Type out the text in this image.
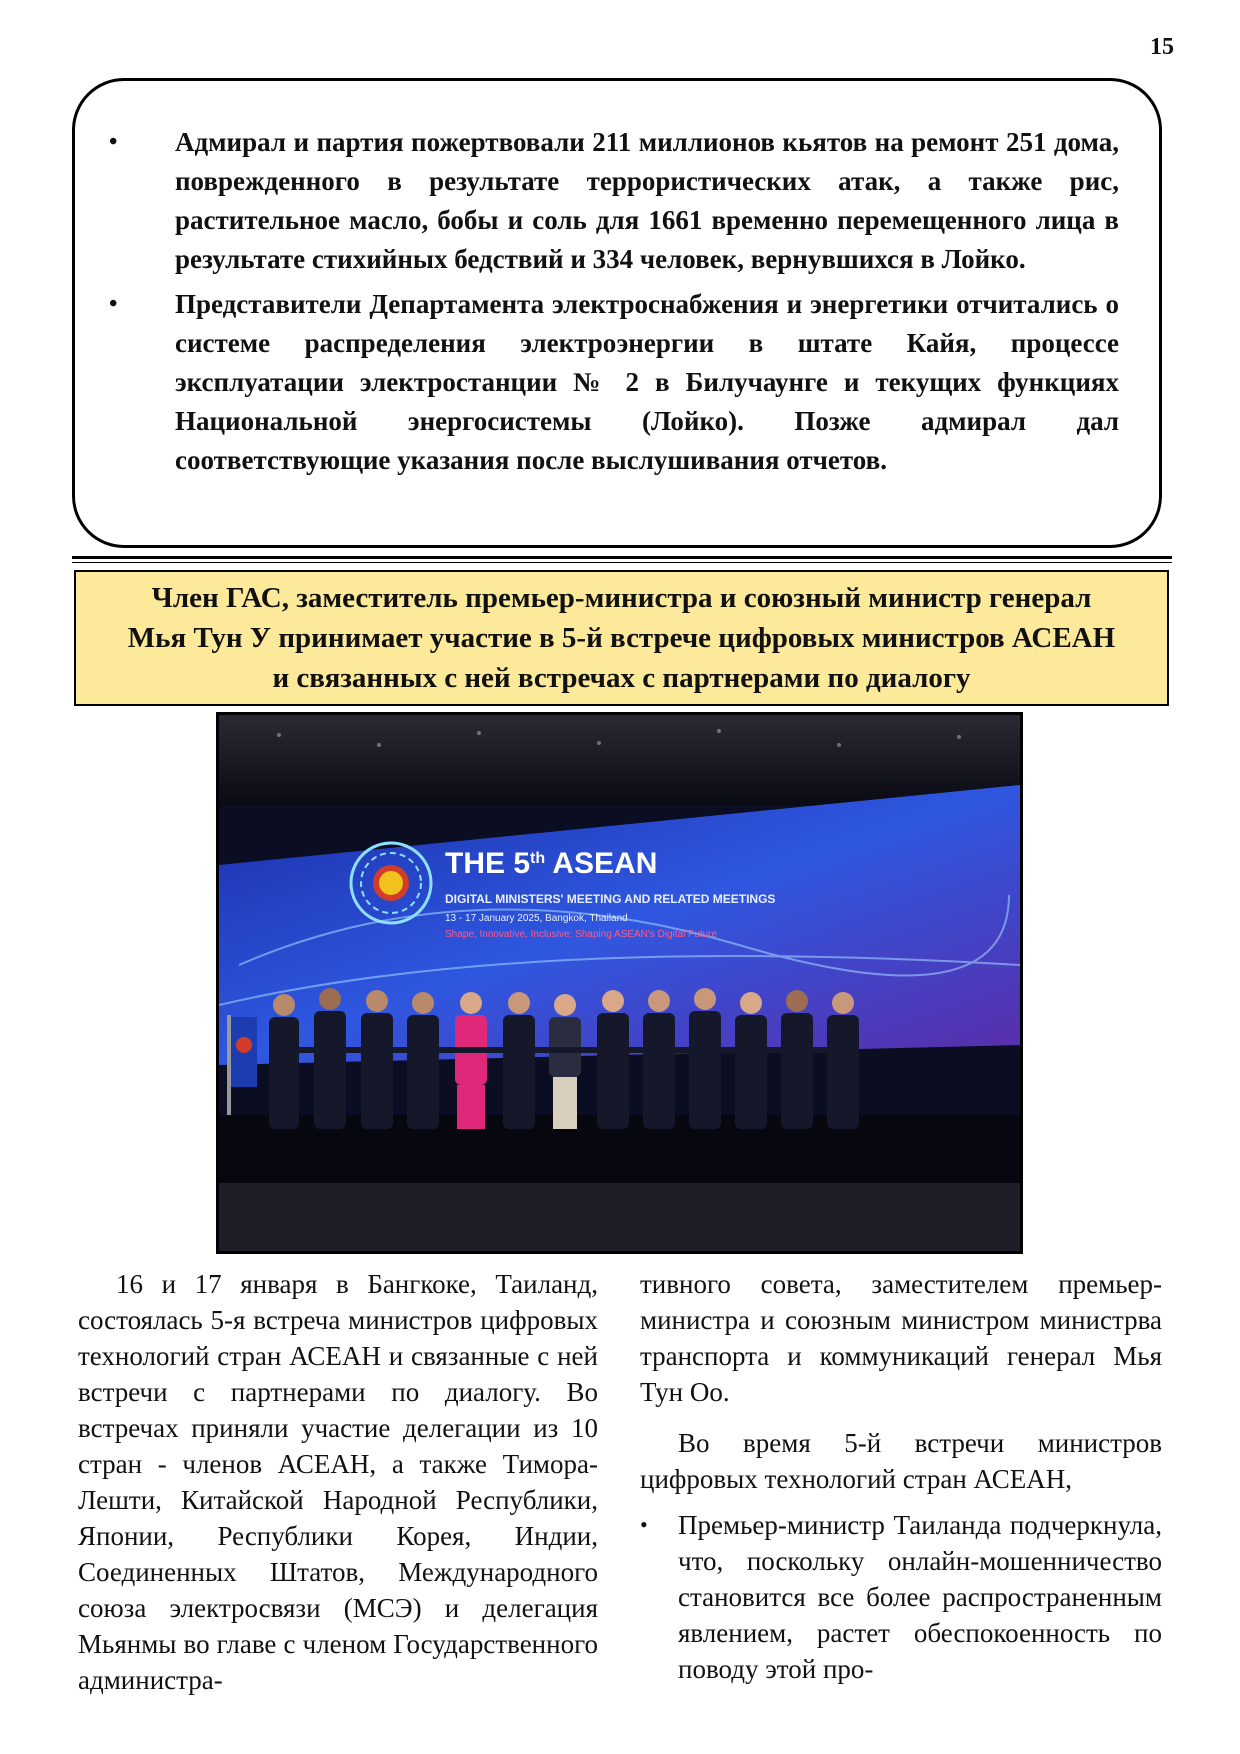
15
• Адмирал и партия пожертвовали 211 миллионов кьятов на ремонт 251 дома, поврежденного в результате террористических атак, а также рис, растительное масло, бобы и соль для 1661 временно перемещенного лица в результате стихийных бедствий и 334 человек, вернувшихся в Лойко.
• Представители Департамента электроснабжения и энергетики отчитались о системе распределения электроэнергии в штате Кайя, процессе эксплуатации электростанции № 2 в Билучаунге и текущих функциях Национальной энергосистемы (Лойко). Позже адмирал дал соответствующие указания после выслушивания отчетов.
Член ГАС, заместитель премьер-министра и союзный министр генерал
Мья Тун У принимает участие в 5-й встрече цифровых министров АСЕАН
и связанных с ней встречах с партнерами по диалогу
THE 5th ASEAN
DIGITAL MINISTERS' MEETING AND RELATED MEETINGS
13 - 17 January 2025, Bangkok, Thailand
Shape, Innovative, Inclusive: Shaping ASEAN's Digital Future

16 и 17 января в Бангкоке, Таиланд, состоялась 5-я встреча министров цифровых технологий стран АСЕАН и связанные с ней встречи с партнерами по диалогу. Во встречах приняли участие делегации из 10 стран - членов АСЕАН, а также Тимора-Лешти, Китайской Народной Республики, Японии, Республики Корея, Индии, Соединенных Штатов, Международного союза электросвязи (МСЭ) и делегация Мьянмы во главе с членом Государственного администра-

тивного совета, заместителем премьер-министра и союзным министром министрва транспорта и коммуникаций генерал Мья Тун Оо.

Во время 5-й встречи министров цифровых технологий стран АСЕАН,

• Премьер-министр Таиланда подчеркнула, что, поскольку онлайн-мошенничество становится все более распространенным явлением, растет обеспокоенность по поводу этой про-
